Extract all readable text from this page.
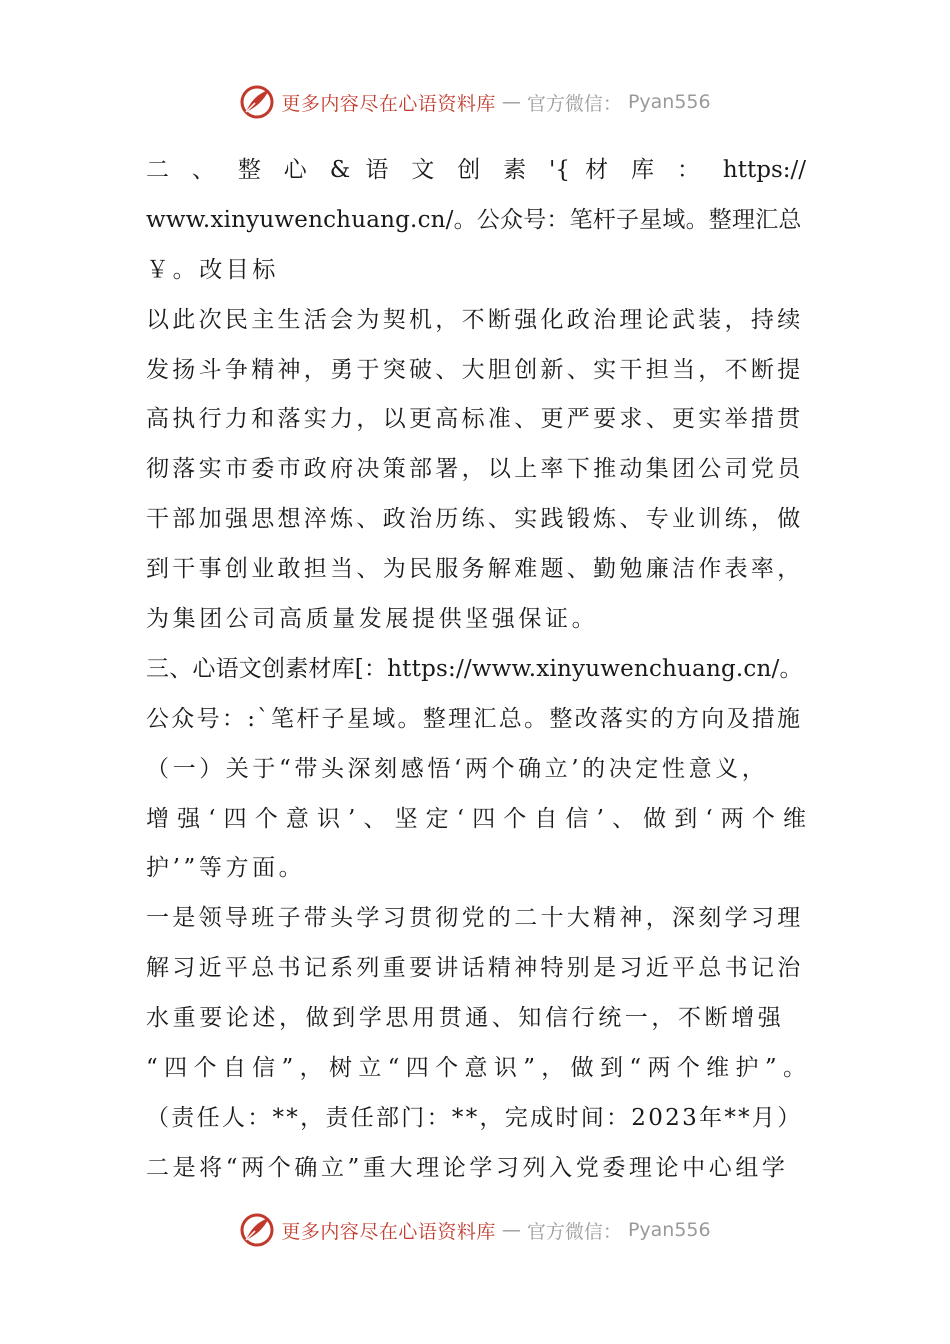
更多内容尽在心语资料库 — 官方微信： Pyan556
二 、 整 心 & 语 文 创 素 '{ 材 库 ： https://
www.xinyuwenchuang.cn/。公众号：笔杆子星域。整理汇总
￥。改目标
以此次民主生活会为契机，不断强化政治理论武装，持续
发扬斗争精神，勇于突破、大胆创新、实干担当，不断提
高执行力和落实力，以更高标准、更严要求、更实举措贯
彻落实市委市政府决策部署，以上率下推动集团公司党员
干部加强思想淬炼、政治历练、实践锻炼、专业训练，做
到干事创业敢担当、为民服务解难题、勤勉廉洁作表率，
为集团公司高质量发展提供坚强保证。
三、心语文创素材库[：https://www.xinyuwenchuang.cn/。
公众号：:`笔杆子星域。整理汇总。整改落实的方向及措施
（一）关于“带头深刻感悟‘两个确立’的决定性意义，
增强‘四个意识’、坚定‘四个自信’、做到‘两个维
护’”等方面。
一是领导班子带头学习贯彻党的二十大精神，深刻学习理
解习近平总书记系列重要讲话精神特别是习近平总书记治
水重要论述，做到学思用贯通、知信行统一，不断增强
“四个自信”，树立“四个意识”，做到“两个维护”。
（责任人：**，责任部门：**，完成时间：2023年**月）
二是将“两个确立”重大理论学习列入党委理论中心组学
更多内容尽在心语资料库 — 官方微信： Pyan556
